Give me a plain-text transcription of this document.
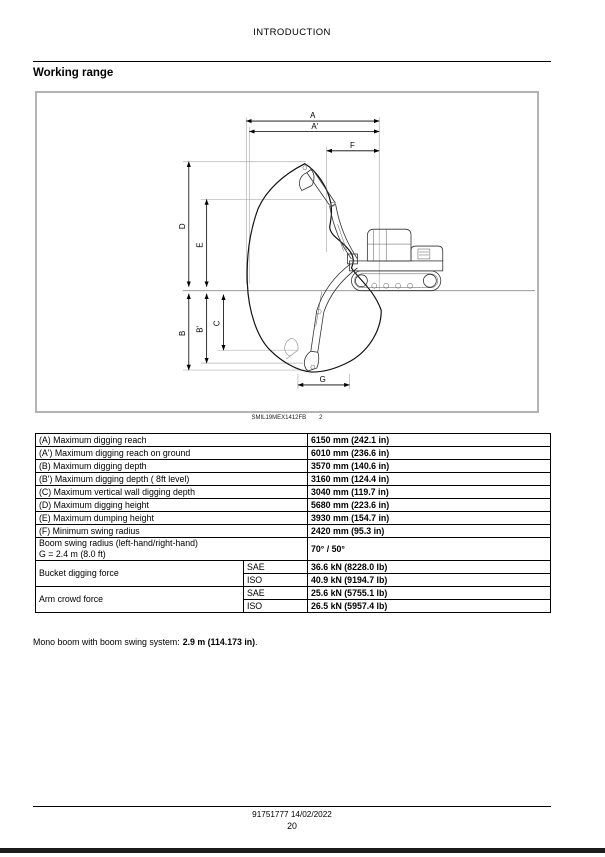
INTRODUCTION
Working range
A
A'
F
D
E
B
B'
C
G
SMIL19MEX1412FB 2
(A) Maximum digging reach		6150 mm (242.1 in)
(A') Maximum digging reach on ground		6010 mm (236.6 in)
(B) Maximum digging depth		3570 mm (140.6 in)
(B') Maximum digging depth ( 8ft level)		3160 mm (124.4 in)
(C) Maximum vertical wall digging depth		3040 mm (119.7 in)
(D) Maximum digging height		5680 mm (223.6 in)
(E) Maximum dumping height		3930 mm (154.7 in)
(F) Minimum swing radius		2420 mm (95.3 in)

Boom swing radius (left-hand/right-hand)
G = 2.4 m (8.0 ft)		70° / 50°
Bucket digging force	SAE	36.6 kN (8228.0 lb)
	ISO	40.9 kN (9194.7 lb)
Arm crowd force	SAE	25.6 kN (5755.1 lb)
	ISO	26.5 kN (5957.4 lb)
Mono boom with boom swing system: 2.9 m (114.173 in).
91751777 14/02/2022
20
